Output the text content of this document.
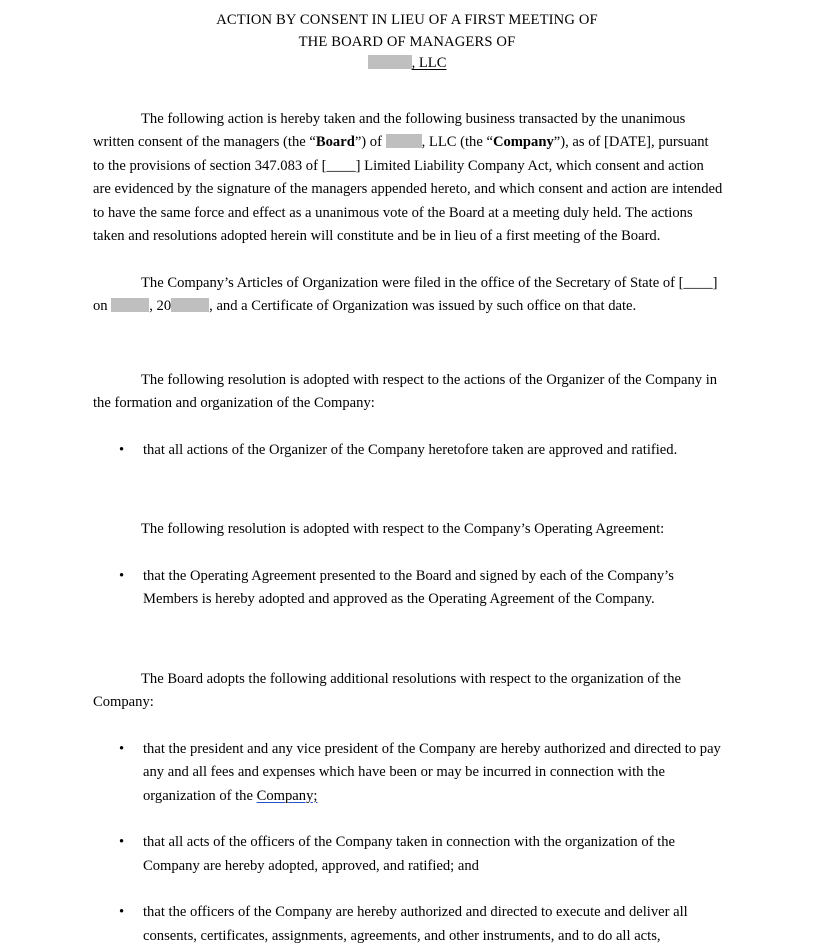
ACTION BY CONSENT IN LIEU OF A FIRST MEETING OF
THE BOARD OF MANAGERS OF
, LLC

The following action is hereby taken and the following business transacted by the unanimous written consent of the managers (the “Board”) of , LLC (the “Company”), as of [DATE], pursuant to the provisions of section 347.083 of [____] Limited Liability Company Act, which consent and action are evidenced by the signature of the managers appended hereto, and which consent and action are intended to have the same force and effect as a unanimous vote of the Board at a meeting duly held. The actions taken and resolutions adopted herein will constitute and be in lieu of a first meeting of the Board.

The Company’s Articles of Organization were filed in the office of the Secretary of State of [____] on	, 20	, and a Certificate of Organization was issued by such office on that date.

The following resolution is adopted with respect to the actions of the Organizer of the Company in the formation and organization of the Company:

• that all actions of the Organizer of the Company heretofore taken are approved and ratified.

The following resolution is adopted with respect to the Company’s Operating Agreement:

• that the Operating Agreement presented to the Board and signed by each of the Company’s Members is hereby adopted and approved as the Operating Agreement of the Company.

The Board adopts the following additional resolutions with respect to the organization of the Company:

• that the president and any vice president of the Company are hereby authorized and directed to pay any and all fees and expenses which have been or may be incurred in connection with the organization of the Company;
• that all acts of the officers of the Company taken in connection with the organization of the Company are hereby adopted, approved, and ratified; and
• that the officers of the Company are hereby authorized and directed to execute and deliver all consents, certificates, assignments, agreements, and other instruments, and to do all acts,
